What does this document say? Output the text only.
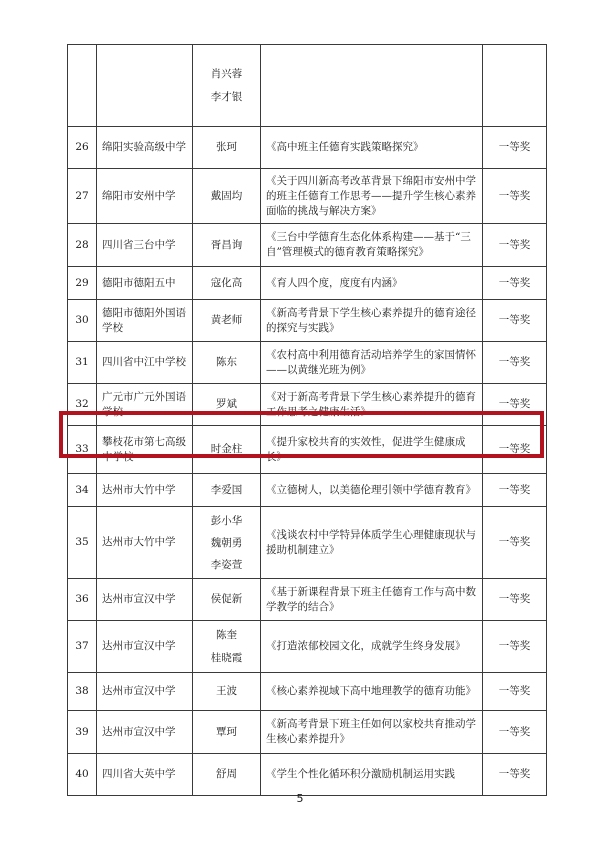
		肖兴蓉
李才银		

26	绵阳实验高级中学	张珂	《高中班主任德育实践策略探究》	一等奖
27	绵阳市安州中学	戴固均	《关于四川新高考改革背景下绵阳市安州中学的班主任德育工作思考——提升学生核心素养面临的挑战与解决方案》	一等奖
28	四川省三台中学	胥昌询	《三台中学德育生态化体系构建——基于“三自”管理模式的德育教育策略探究》	一等奖
29	德阳市德阳五中	寇化高	《育人四个度，度度有内涵》	一等奖
30	德阳市德阳外国语学校	黄老师	《新高考背景下学生核心素养提升的德育途径的探究与实践》	一等奖
31	四川省中江中学校	陈东	《农村高中利用德育活动培养学生的家国情怀——以黄继光班为例》	一等奖
32	广元市广元外国语学校	罗斌	《对于新高考背景下学生核心素养提升的德育工作思考之健康生活》	一等奖
33	攀枝花市第七高级中学校	时金柱	《提升家校共育的实效性，促进学生健康成长》	一等奖
34	达州市大竹中学	李爱国	《立德树人，以美德伦理引领中学德育教育》	一等奖
35	达州市大竹中学	彭小华
魏朝勇
李姿萱	《浅谈农村中学特异体质学生心理健康现状与援助机制建立》	一等奖
36	达州市宣汉中学	侯促新	《基于新课程背景下班主任德育工作与高中数学教学的结合》	一等奖
37	达州市宣汉中学	陈奎
桂晓霞	《打造浓郁校园文化，成就学生终身发展》	一等奖
38	达州市宣汉中学	王波	《核心素养视域下高中地理教学的德育功能》	一等奖
39	达州市宣汉中学	覃珂	《新高考背景下班主任如何以家校共育推动学生核心素养提升》	一等奖
40	四川省大英中学	舒周	《学生个性化循环积分激励机制运用实践	一等奖
5
